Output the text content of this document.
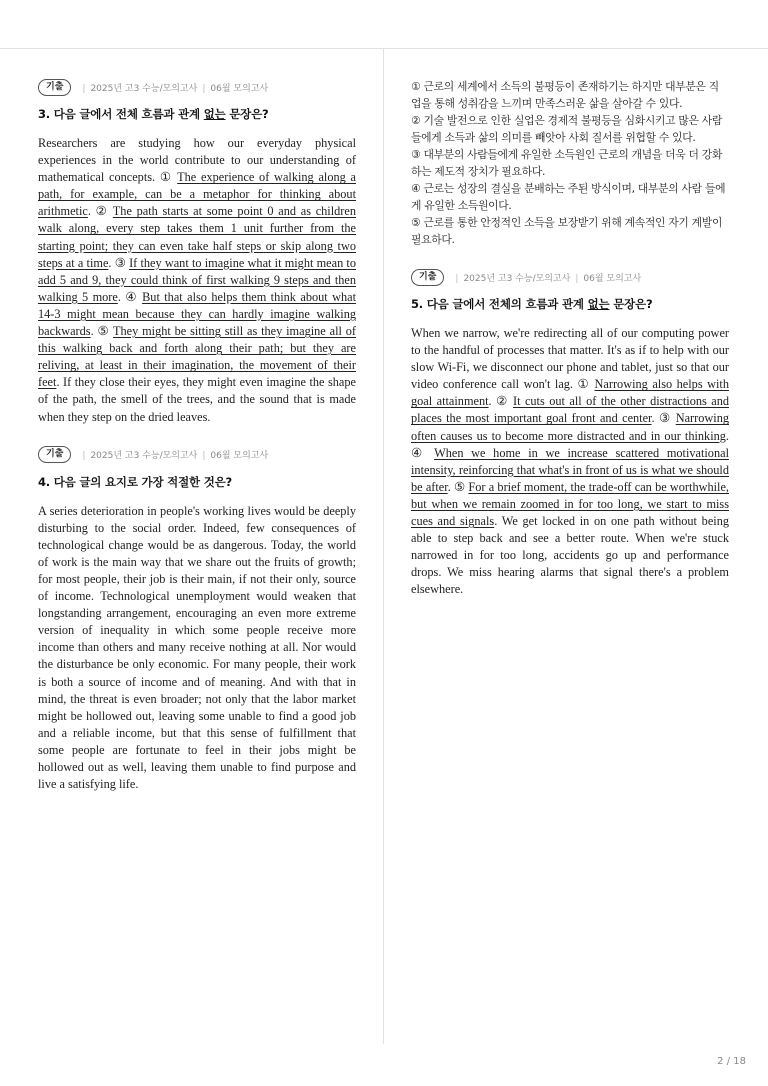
기출	| 2025년 고3 수능/모의고사 | 06월 모의고사

3. 다음 글에서 전체 흐름과 관계 없는 문장은?

Researchers are studying how our everyday physical experiences in the world contribute to our understanding of mathematical concepts. ① The experience of walking along a path, for example, can be a metaphor for thinking about arithmetic. ② The path starts at some point 0 and as children walk along, every step takes them 1 unit further from the starting point; they can even take half steps or skip along two steps at a time. ③ If they want to imagine what it might mean to add 5 and 9, they could think of first walking 9 steps and then walking 5 more. ④ But that also helps them think about what 14-3 might mean because they can hardly imagine walking backwards. ⑤ They might be sitting still as they imagine all of this walking back and forth along their path; but they are reliving, at least in their imagination, the movement of their feet. If they close their eyes, they might even imagine the shape of the path, the smell of the trees, and the sound that is made when they step on the dried leaves.

기출	| 2025년 고3 수능/모의고사 | 06월 모의고사

4. 다음 글의 요지로 가장 적절한 것은?

A series deterioration in people's working lives would be deeply disturbing to the social order. Indeed, few consequences of technological change would be as dangerous. Today, the world of work is the main way that we share out the fruits of growth; for most people, their job is their main, if not their only, source of income. Technological unemployment would weaken that longstanding arrangement, encouraging an even more extreme version of inequality in which some people receive more income than others and many receive nothing at all. Nor would the disturbance be only economic. For many people, their work is both a source of income and of meaning. And with that in mind, the threat is even broader; not only that the labor market might be hollowed out, leaving some unable to find a good job and a reliable income, but that this sense of fulfillment that some people are fortunate to feel in their jobs might be hollowed out as well, leaving them unable to find purpose and live a satisfying life.

① 근로의 세계에서 소득의 불평등이 존재하기는 하지만 대부분은 직업을 통해 성취감을 느끼며 만족스러운 삶을 살아갈 수 있다.
② 기술 발전으로 인한 실업은 경제적 불평등을 심화시키고 많은 사람들에게 소득과 삶의 의미를 빼앗아 사회 질서를 위협할 수 있다.
③ 대부분의 사람들에게 유일한 소득원인 근로의 개념을 더욱 더 강화하는 제도적 장치가 필요하다.
④ 근로는 성장의 결실을 분배하는 주된 방식이며, 대부분의 사람 들에게 유일한 소득원이다.
⑤ 근로를 통한 안정적인 소득을 보장받기 위해 계속적인 자기 계발이 필요하다.
기출	| 2025년 고3 수능/모의고사 | 06월 모의고사

5. 다음 글에서 전체의 흐름과 관계 없는 문장은?

When we narrow, we're redirecting all of our computing power to the handful of processes that matter. It's as if to help with our slow Wi-Fi, we disconnect our phone and tablet, just so that our video conference call won't lag. ① Narrowing also helps with goal attainment. ② It cuts out all of the other distractions and places the most important goal front and center. ③ Narrowing often causes us to become more distracted and in our thinking. ④ When we home in we increase scattered motivational intensity, reinforcing that what's in front of us is what we should be after. ⑤ For a brief moment, the trade-off can be worthwhile, but when we remain zoomed in for too long, we start to miss cues and signals. We get locked in on one path without being able to step back and see a better route. When we're stuck narrowed in for too long, accidents go up and performance drops. We miss hearing alarms that signal there's a problem elsewhere.

2 / 18
